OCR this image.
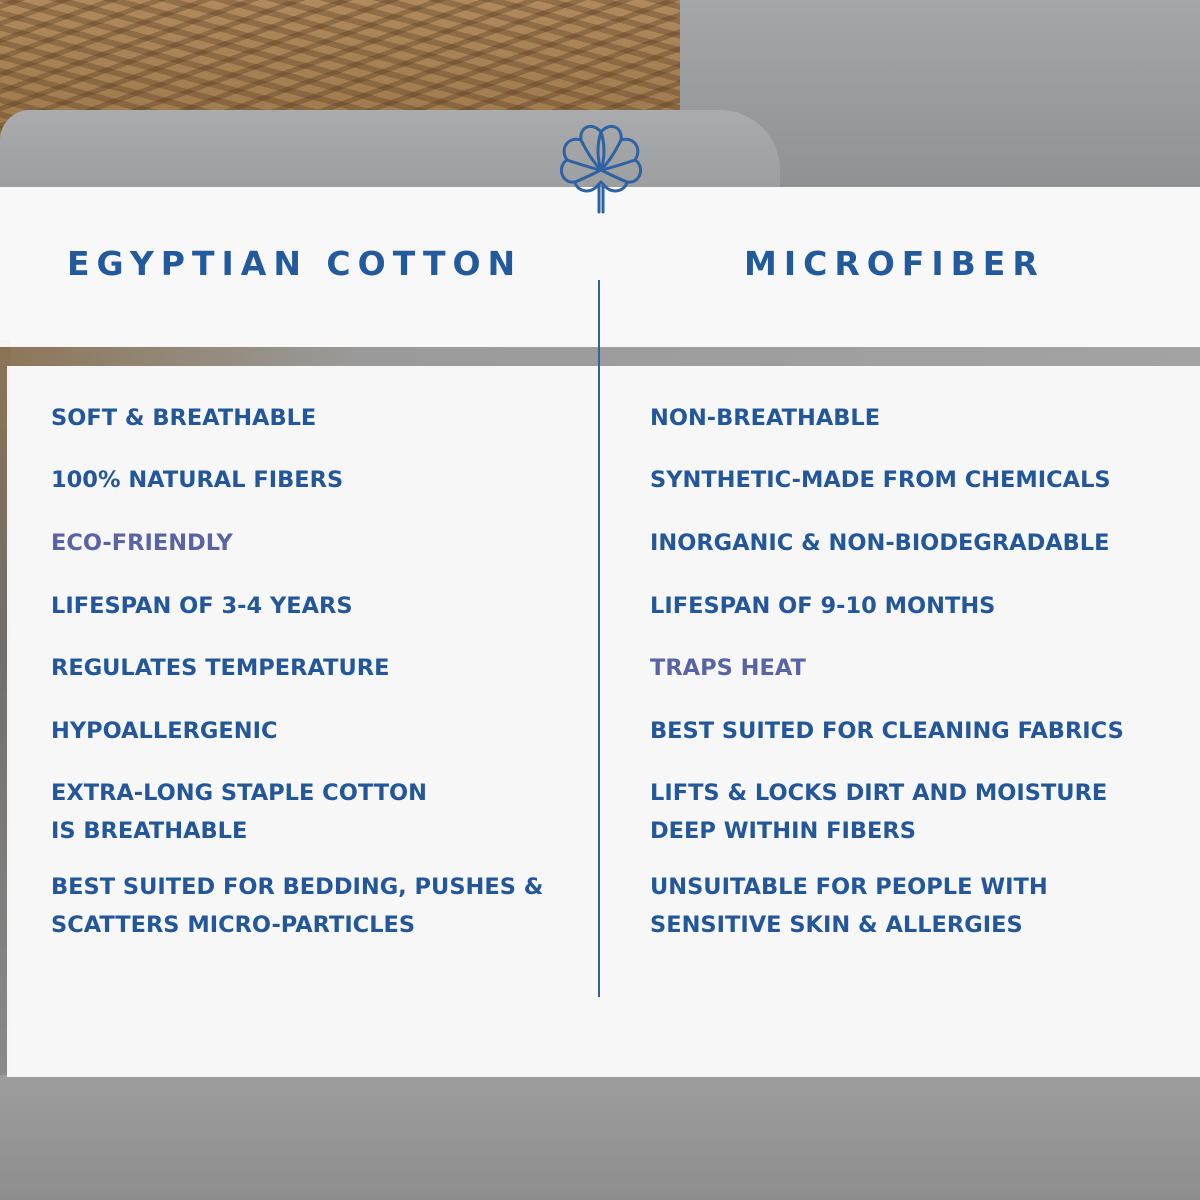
EGYPTIAN COTTON	MICROFIBER

SOFT & BREATHABLE

100% NATURAL FIBERS

ECO-FRIENDLY

LIFESPAN OF 3-4 YEARS

REGULATES TEMPERATURE

HYPOALLERGENIC

EXTRA-LONG STAPLE COTTON
IS BREATHABLE

BEST SUITED FOR BEDDING, PUSHES &
SCATTERS MICRO-PARTICLES

NON-BREATHABLE

SYNTHETIC-MADE FROM CHEMICALS

INORGANIC & NON-BIODEGRADABLE

LIFESPAN OF 9-10 MONTHS

TRAPS HEAT

BEST SUITED FOR CLEANING FABRICS

LIFTS & LOCKS DIRT AND MOISTURE
DEEP WITHIN FIBERS

UNSUITABLE FOR PEOPLE WITH
SENSITIVE SKIN & ALLERGIES
